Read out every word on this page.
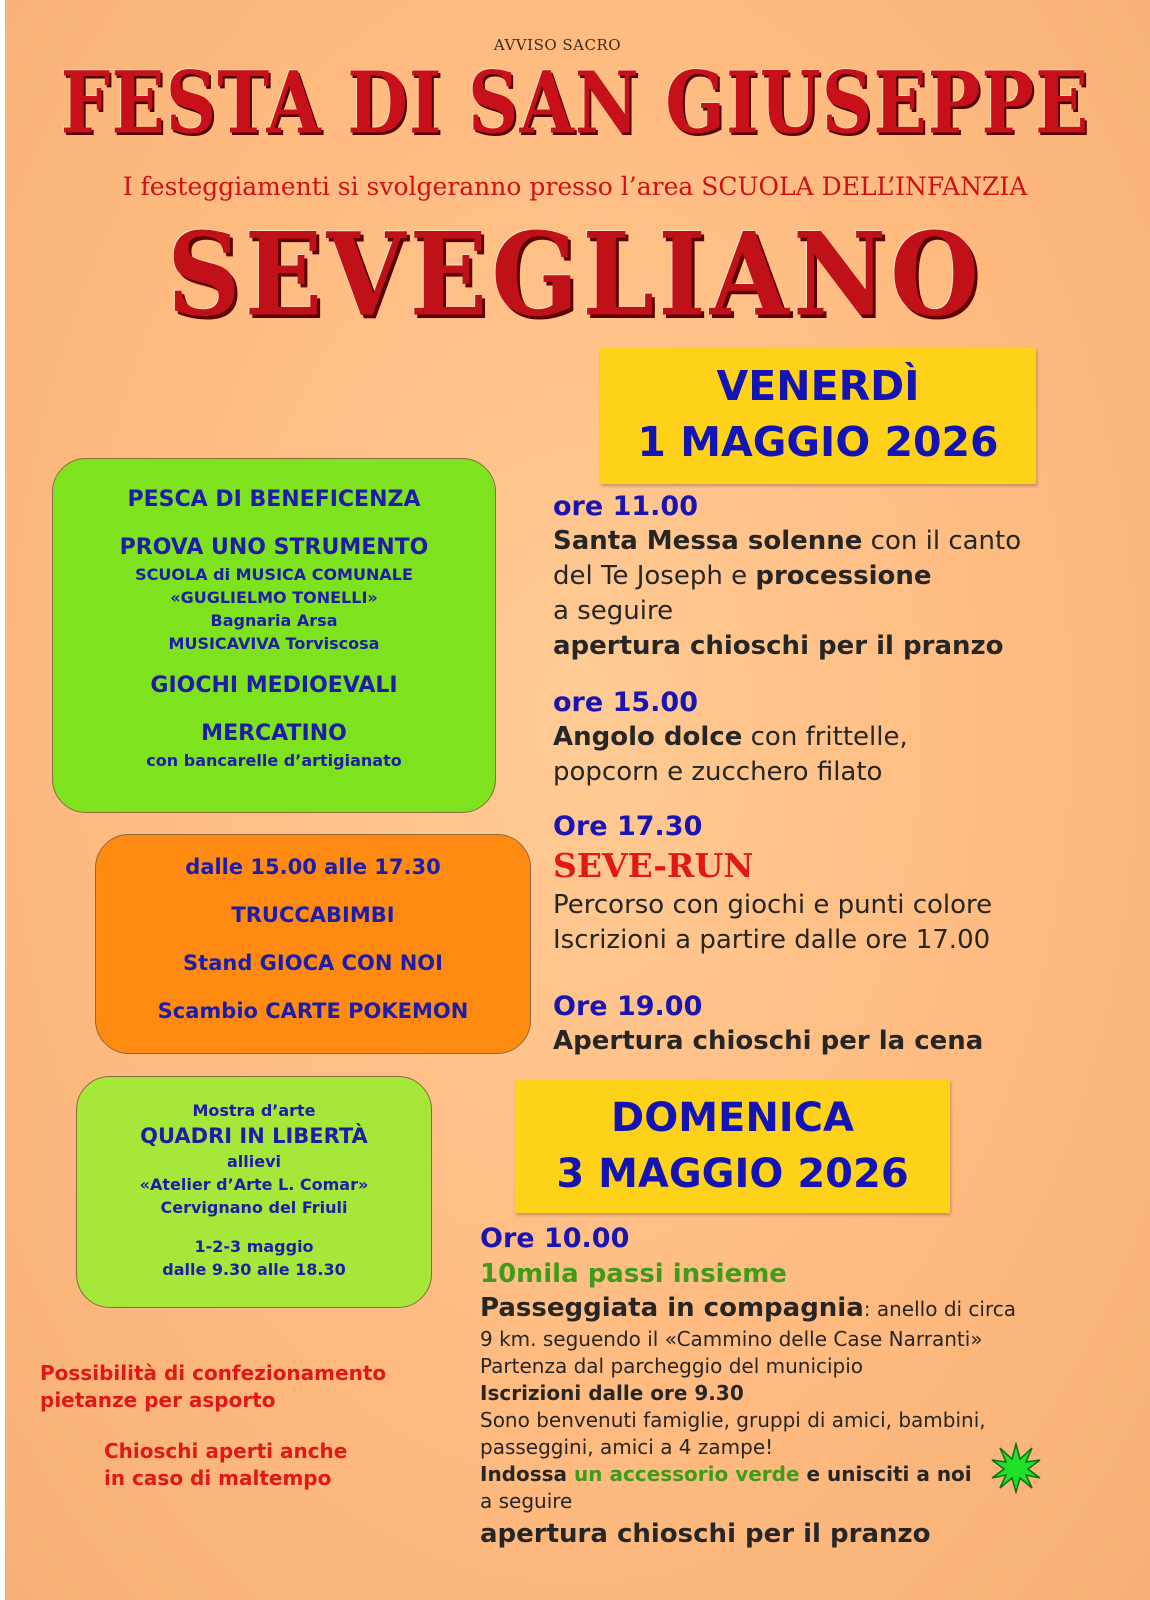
AVVISO SACRO
FESTA DI SAN GIUSEPPE
I festeggiamenti si svolgeranno presso l’area SCUOLA DELL’INFANZIA
SEVEGLIANO
VENERDÌ
1 MAGGIO 2026
PESCA DI BENEFICENZA
PROVA UNO STRUMENTO
SCUOLA di MUSICA COMUNALE
«GUGLIELMO TONELLI»
Bagnaria Arsa
MUSICAVIVA Torviscosa
GIOCHI MEDIOEVALI
MERCATINO
con bancarelle d’artigianato
dalle 15.00 alle 17.30
TRUCCABIMBI
Stand GIOCA CON NOI
Scambio CARTE POKEMON
Mostra d’arte
QUADRI IN LIBERTÀ
allievi
«Atelier d’Arte L. Comar»
Cervignano del Friuli
1-2-3 maggio
dalle 9.30 alle 18.30
ore 11.00
Santa Messa solenne con il canto
del Te Joseph e processione
a seguire
apertura chioschi per il pranzo
ore 15.00
Angolo dolce con frittelle,
popcorn e zucchero filato
Ore 17.30
SEVE-RUN
Percorso con giochi e punti colore
Iscrizioni a partire dalle ore 17.00
Ore 19.00
Apertura chioschi per la cena
DOMENICA
3 MAGGIO 2026
Possibilità di confezionamento
pietanze per asporto
Chioschi aperti anche
in caso di maltempo
Ore 10.00
10mila passi insieme
Passeggiata in compagnia: anello di circa
9 km. seguendo il «Cammino delle Case Narranti»
Partenza dal parcheggio del municipio
Iscrizioni dalle ore 9.30
Sono benvenuti famiglie, gruppi di amici, bambini,
passeggini, amici a 4 zampe!
Indossa un accessorio verde e unisciti a noi
a seguire
apertura chioschi per il pranzo
